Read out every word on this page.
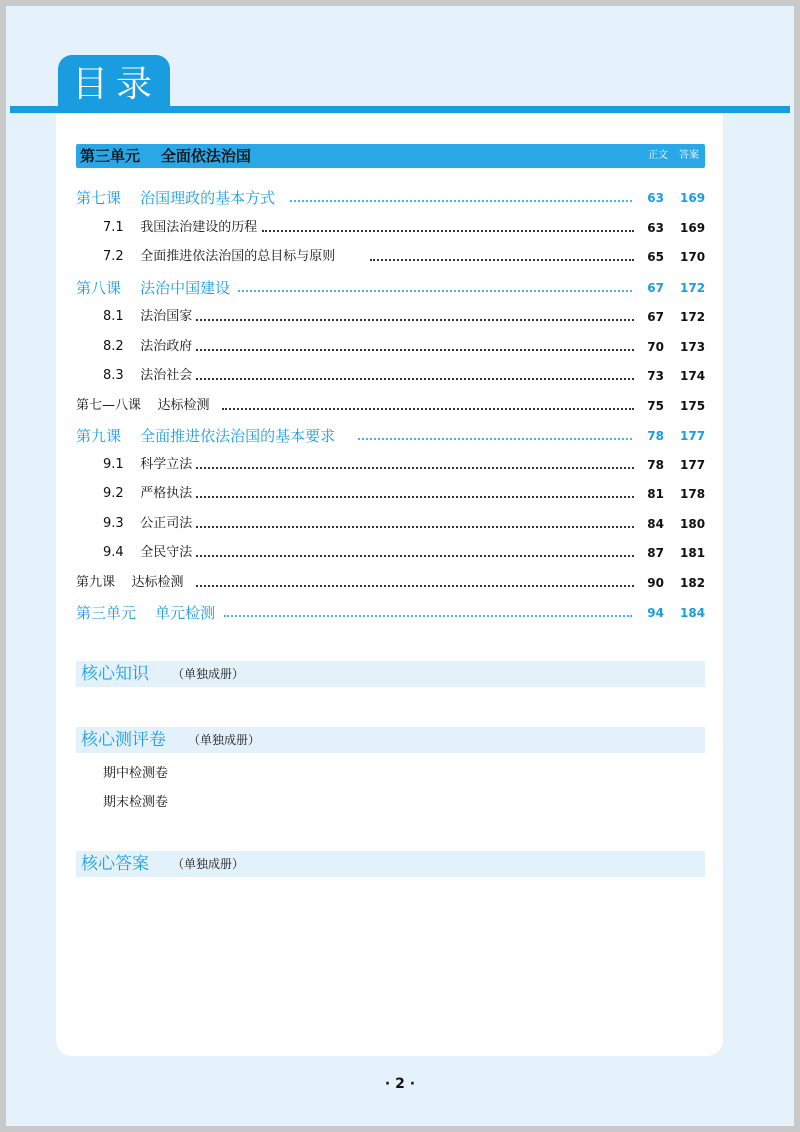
目录
第三单元    全面依法治国	正文 答案
第七课    治国理政的基本方式	63 169
7.1    我国法治建设的历程	63 169
7.2    全面推进依法治国的总目标与原则	65 170
第八课    法治中国建设	67 172
8.1    法治国家	67 172
8.2    法治政府	70 173
8.3    法治社会	73 174
第七—八课    达标检测	75 175
第九课    全面推进依法治国的基本要求	78 177
9.1    科学立法	78 177
9.2    严格执法	81 178
9.3    公正司法	84 180
9.4    全民守法	87 181
第九课    达标检测	90 182
第三单元    单元检测	94 184
核心知识 （单独成册）
核心测评卷 （单独成册）
期中检测卷
期末检测卷
核心答案 （单独成册）
· 2 ·
